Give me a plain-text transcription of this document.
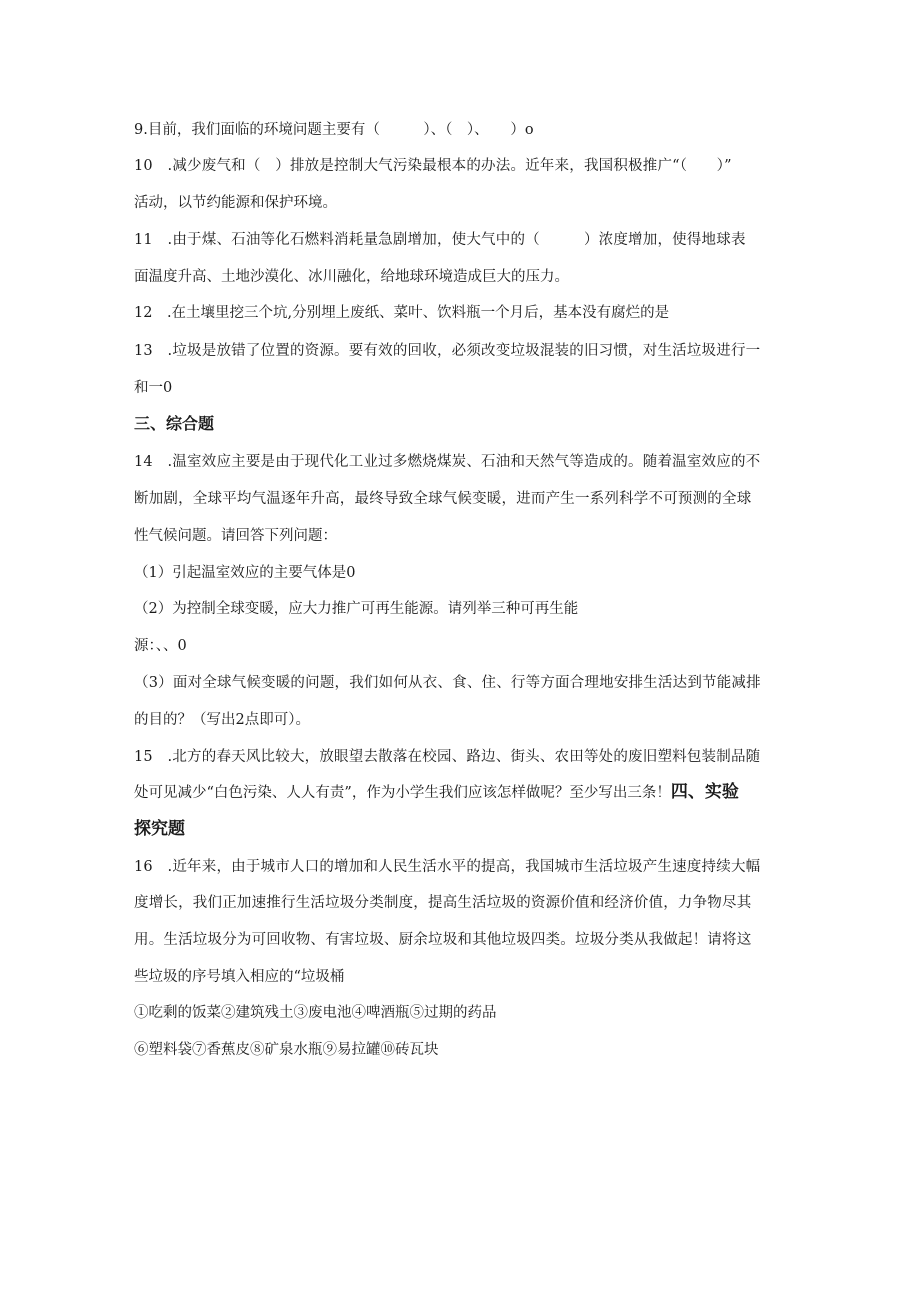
9.目前，我们面临的环境问题主要有（　　　）、（　）、　　）o
10　.减少废气和（　）排放是控制大气污染最根本的办法。近年来，我国积极推广“（　　）”
活动，以节约能源和保护环境。
11　.由于煤、石油等化石燃料消耗量急剧增加，使大气中的（　　　）浓度增加，使得地球表
面温度升高、土地沙漠化、冰川融化，给地球环境造成巨大的压力。
12　.在土壤里挖三个坑,分别埋上废纸、菜叶、饮料瓶一个月后，基本没有腐烂的是
13　.垃圾是放错了位置的资源。要有效的回收，必须改变垃圾混装的旧习惯，对生活垃圾进行一
和一0
三、综合题
14　.温室效应主要是由于现代化工业过多燃烧煤炭、石油和天然气等造成的。随着温室效应的不
断加剧，全球平均气温逐年升高，最终导致全球气候变暖，进而产生一系列科学不可预测的全球
性气候问题。请回答下列问题：
（1）引起温室效应的主要气体是0
（2）为控制全球变暖，应大力推广可再生能源。请列举三种可再生能
源：、、0
（3）面对全球气候变暖的问题，我们如何从衣、食、住、行等方面合理地安排生活达到节能减排
的目的？（写出2点即可）。
15　.北方的春天风比较大，放眼望去散落在校园、路边、街头、农田等处的废旧塑料包装制品随
处可见减少“白色污染、人人有责”，作为小学生我们应该怎样做呢？至少写出三条！四、实验
探究题
16　.近年来，由于城市人口的增加和人民生活水平的提高，我国城市生活垃圾产生速度持续大幅
度增长，我们正加速推行生活垃圾分类制度，提高生活垃圾的资源价值和经济价值，力争物尽其
用。生活垃圾分为可回收物、有害垃圾、厨余垃圾和其他垃圾四类。垃圾分类从我做起！请将这
些垃圾的序号填入相应的“垃圾桶
①吃剩的饭菜②建筑残土③废电池④啤酒瓶⑤过期的药品
⑥塑料袋⑦香蕉皮⑧矿泉水瓶⑨易拉罐⑩砖瓦块
